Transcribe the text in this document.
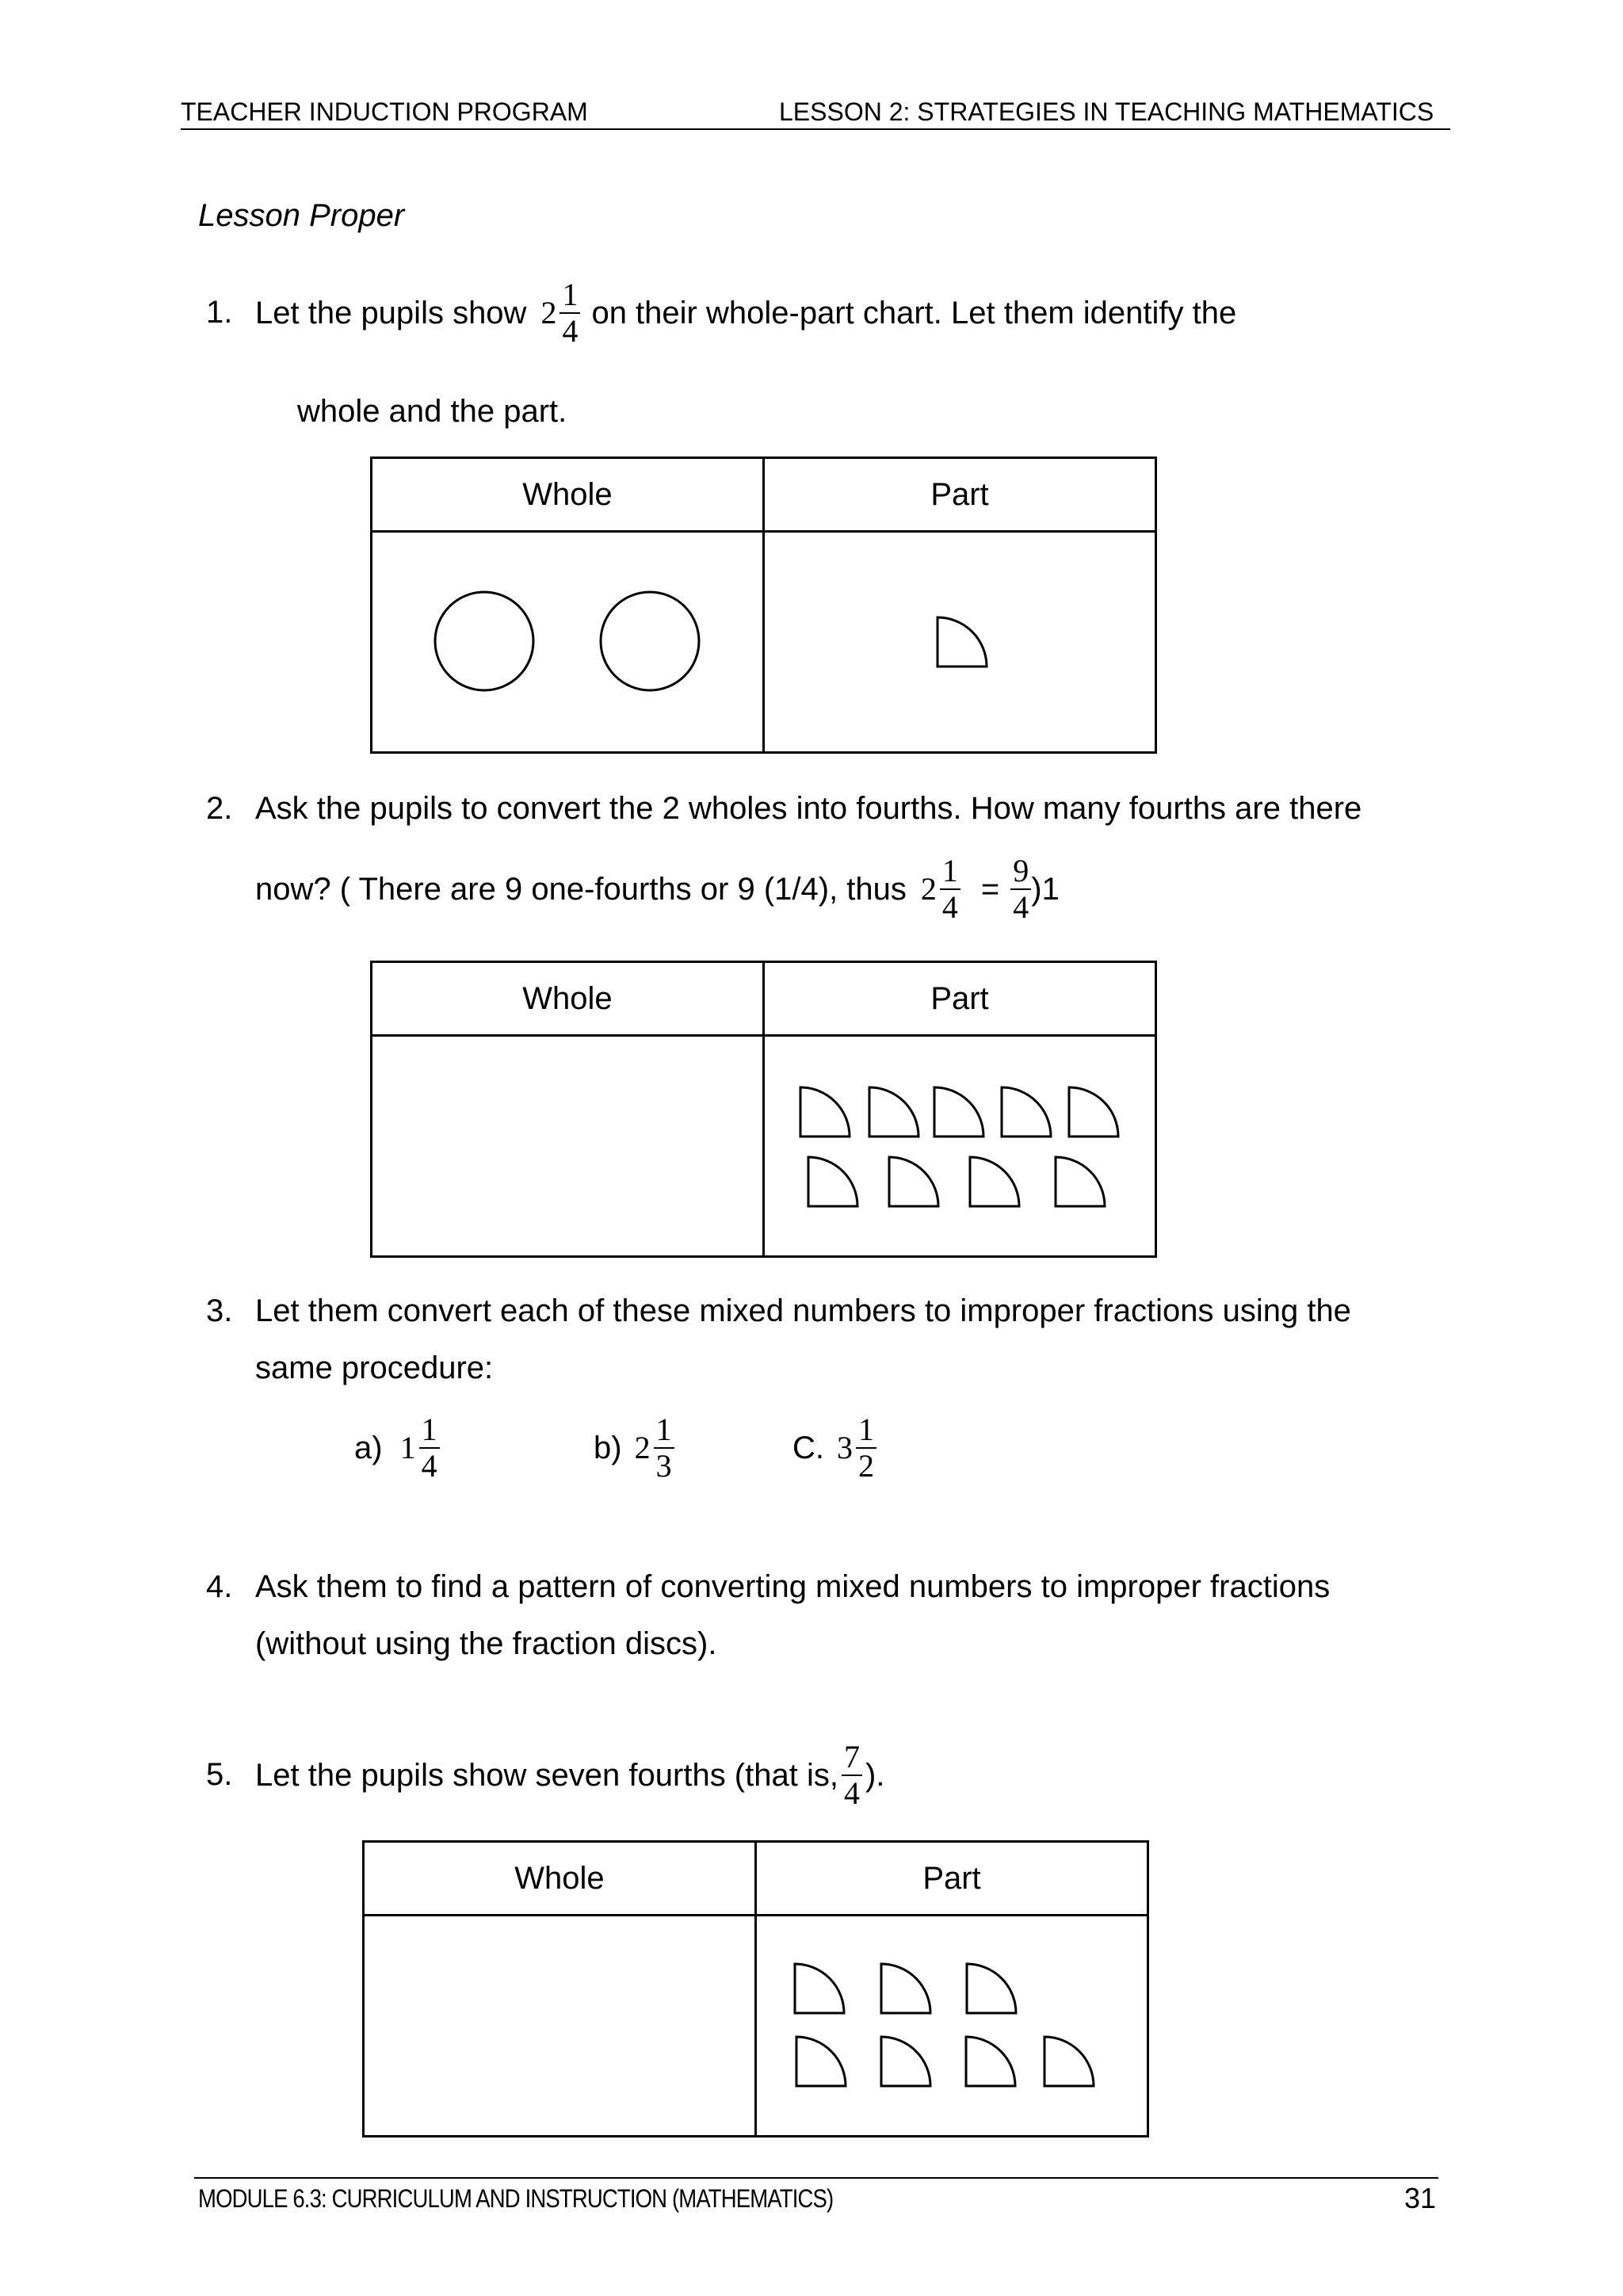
TEACHER INDUCTION PROGRAM	LESSON 2: STRATEGIES IN TEACHING MATHEMATICS
Lesson Proper
1. Let the pupils show $2 \frac{1}{4}$ on their whole-part chart. Let them identify the
whole and the part.
Whole	Part

2. Ask the pupils to convert the 2 wholes into fourths. How many fourths are there
now? ( There are 9 one-fourths or 9 (1/4), thus $2 \frac{1}{4} = \frac{9}{4} )1$
Whole	Part

3. Let them convert each of these mixed numbers to improper fractions using the
same procedure:
a) $1 \frac{1}{4}$	b) $2 \frac{1}{3}$	C. $3 \frac{1}{2}$
4. Ask them to find a pattern of converting mixed numbers to improper fractions
(without using the fraction discs).
5. Let the pupils show seven fourths (that is, $\frac{7}{4}$ ).
Whole	Part

MODULE 6.3: CURRICULUM AND INSTRUCTION (MATHEMATICS)	31
